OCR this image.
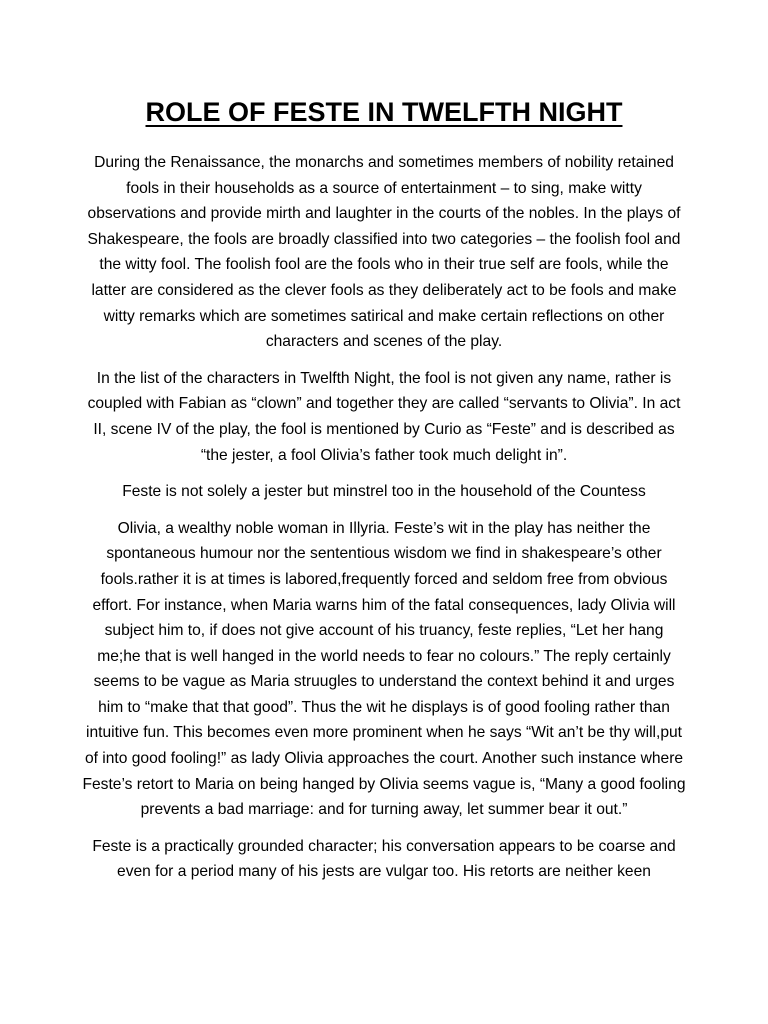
ROLE OF FESTE IN TWELFTH NIGHT

During the Renaissance, the monarchs and sometimes members of nobility retained fools in their households as a source of entertainment – to sing, make witty observations and provide mirth and laughter in the courts of the nobles. In the plays of Shakespeare, the fools are broadly classified into two categories – the foolish fool and the witty fool. The foolish fool are the fools who in their true self are fools, while the latter are considered as the clever fools as they deliberately act to be fools and make witty remarks which are sometimes satirical and make certain reflections on other characters and scenes of the play.

In the list of the characters in Twelfth Night, the fool is not given any name, rather is coupled with Fabian as “clown” and together they are called “servants to Olivia”. In act II, scene IV of the play, the fool is mentioned by Curio as “Feste” and is described as “the jester, a fool Olivia’s father took much delight in”.

Feste is not solely a jester but minstrel too in the household of the Countess

Olivia, a wealthy noble woman in Illyria. Feste’s wit in the play has neither the spontaneous humour nor the sententious wisdom we find in shakespeare’s other fools.rather it is at times is labored,frequently forced and seldom free from obvious effort. For instance, when Maria warns him of the fatal consequences, lady Olivia will subject him to, if does not give account of his truancy, feste replies, “Let her hang me;he that is well hanged in the world needs to fear no colours.” The reply certainly seems to be vague as Maria struugles to understand the context behind it and urges him to “make that that good”. Thus the wit he displays is of good fooling rather than intuitive fun. This becomes even more prominent when he says “Wit an’t be thy will,put of into good fooling!” as lady Olivia approaches the court. Another such instance where Feste’s retort to Maria on being hanged by Olivia seems vague is, “Many a good fooling prevents a bad marriage: and for turning away, let summer bear it out.”

Feste is a practically grounded character; his conversation appears to be coarse and even for a period many of his jests are vulgar too. His retorts are neither keen
